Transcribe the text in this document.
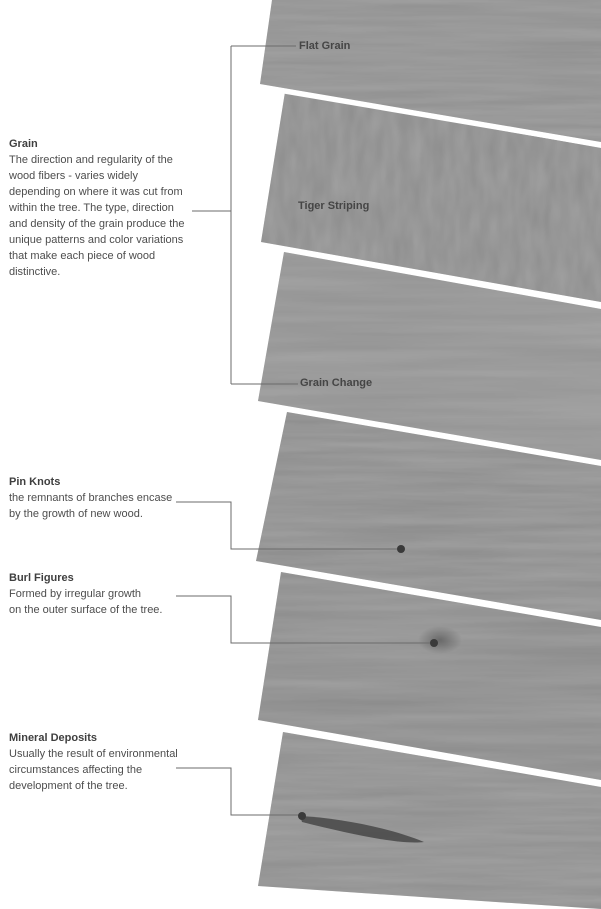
Flat Grain
Tiger Striping
Grain Change
Grain
The direction and regularity of the
wood fibers - varies widely
depending on where it was cut from
within the tree. The type, direction
and density of the grain produce the
unique patterns and color variations
that make each piece of wood
distinctive.
Pin Knots
the remnants of branches encase
by the growth of new wood.
Burl Figures
Formed by irregular growth
on the outer surface of the tree.
Mineral Deposits
Usually the result of environmental
circumstances affecting the
development of the tree.
